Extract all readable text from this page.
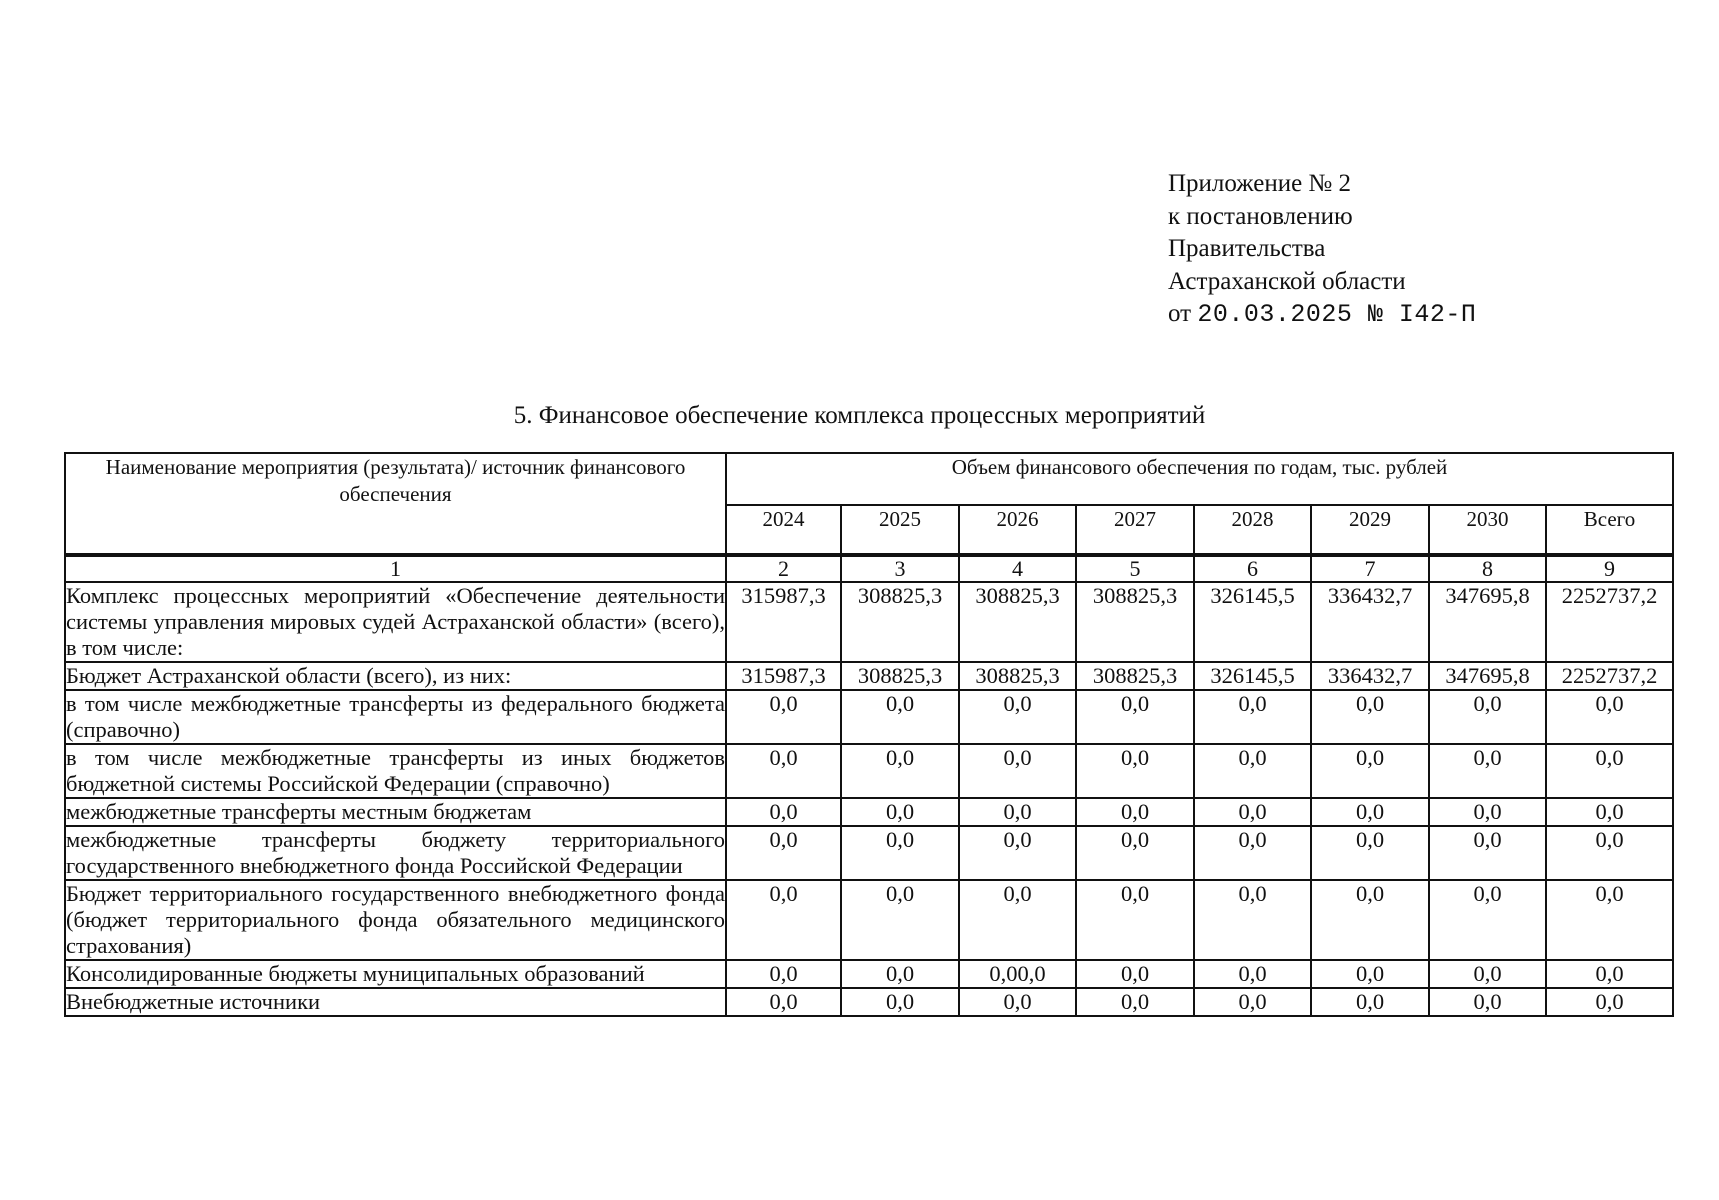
Приложение № 2
к постановлению
Правительства
Астраханской области
от 20.03.2025 № I42-П
5. Финансовое обеспечение комплекса процессных мероприятий
Наименование мероприятия (результата)/ источник финансового обеспечения	Объем финансового обеспечения по годам, тыс. рублей							
	2024	2025	2026	2027	2028	2029	2030	Всего
1	2	3	4	5	6	7	8	9
Комплекс процессных мероприятий «Обеспечение деятельности системы управления мировых судей Астраханской области» (всего), в том числе:	315987,3	308825,3	308825,3	308825,3	326145,5	336432,7	347695,8	2252737,2
Бюджет Астраханской области (всего), из них:	315987,3	308825,3	308825,3	308825,3	326145,5	336432,7	347695,8	2252737,2
в том числе межбюджетные трансферты из федерального бюджета (справочно)	0,0	0,0	0,0	0,0	0,0	0,0	0,0	0,0
в том числе межбюджетные трансферты из иных бюджетов бюджетной системы Российской Федерации (справочно)	0,0	0,0	0,0	0,0	0,0	0,0	0,0	0,0
межбюджетные трансферты местным бюджетам	0,0	0,0	0,0	0,0	0,0	0,0	0,0	0,0
межбюджетные трансферты бюджету территориального государственного внебюджетного фонда Российской Федерации	0,0	0,0	0,0	0,0	0,0	0,0	0,0	0,0
Бюджет территориального государственного внебюджетного фонда (бюджет территориального фонда обязательного медицинского страхования)	0,0	0,0	0,0	0,0	0,0	0,0	0,0	0,0
Консолидированные бюджеты муниципальных образований	0,0	0,0	0,00,0	0,0	0,0	0,0	0,0	0,0
Внебюджетные источники	0,0	0,0	0,0	0,0	0,0	0,0	0,0	0,0
